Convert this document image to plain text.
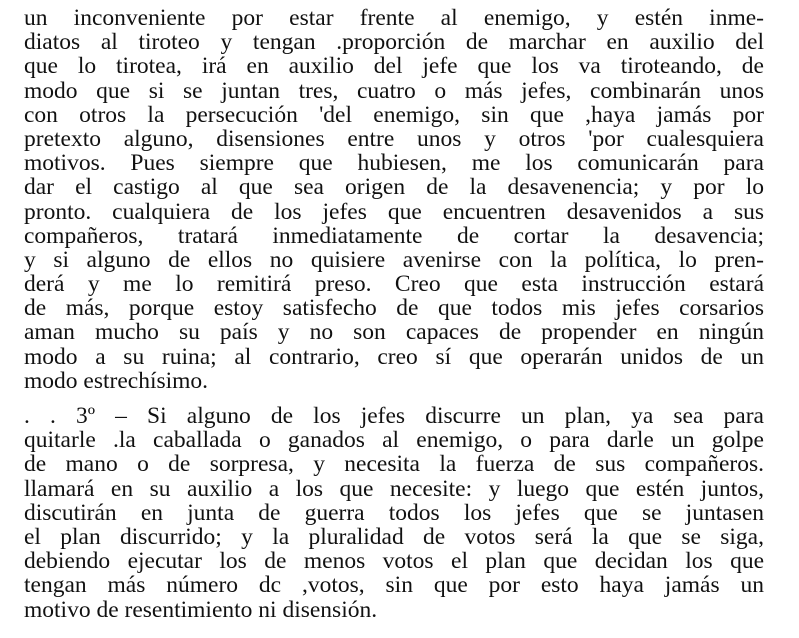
un inconveniente por estar frente al enemigo, y estén inme-
diatos al tiroteo y tengan .proporción de marchar en auxilio del
que lo tirotea, irá en auxilio del jefe que los va tiroteando, de
modo que si se juntan tres, cuatro o más jefes, combinarán unos
con otros la persecución 'del enemigo, sin que ,haya jamás por
pretexto alguno, disensiones entre unos y otros 'por cualesquiera
motivos. Pues siempre que hubiesen, me los comunicarán para
dar el castigo al que sea origen de la desavenencia; y por lo
pronto. cualquiera de los jefes que encuentren desavenidos a sus
compañeros, tratará inmediatamente de cortar la desavencia;
y si alguno de ellos no quisiere avenirse con la política, lo pren-
derá y me lo remitirá preso. Creo que esta instrucción estará
de más, porque estoy satisfecho de que todos mis jefes corsarios
aman mucho su país y no son capaces de propender en ningún
modo a su ruina; al contrario, creo sí que operarán unidos de un
modo estrechísimo.
. . 3º – Si alguno de los jefes discurre un plan, ya sea para
quitarle .la caballada o ganados al enemigo, o para darle un golpe
de mano o de sorpresa, y necesita la fuerza de sus compañeros.
llamará en su auxilio a los que necesite: y luego que estén juntos,
discutirán en junta de guerra todos los jefes que se juntasen
el plan discurrido; y la pluralidad de votos será la que se siga,
debiendo ejecutar los de menos votos el plan que decidan los que
tengan más número dc ,votos, sin que por esto haya jamás un
motivo de resentimiento ni disensión.
